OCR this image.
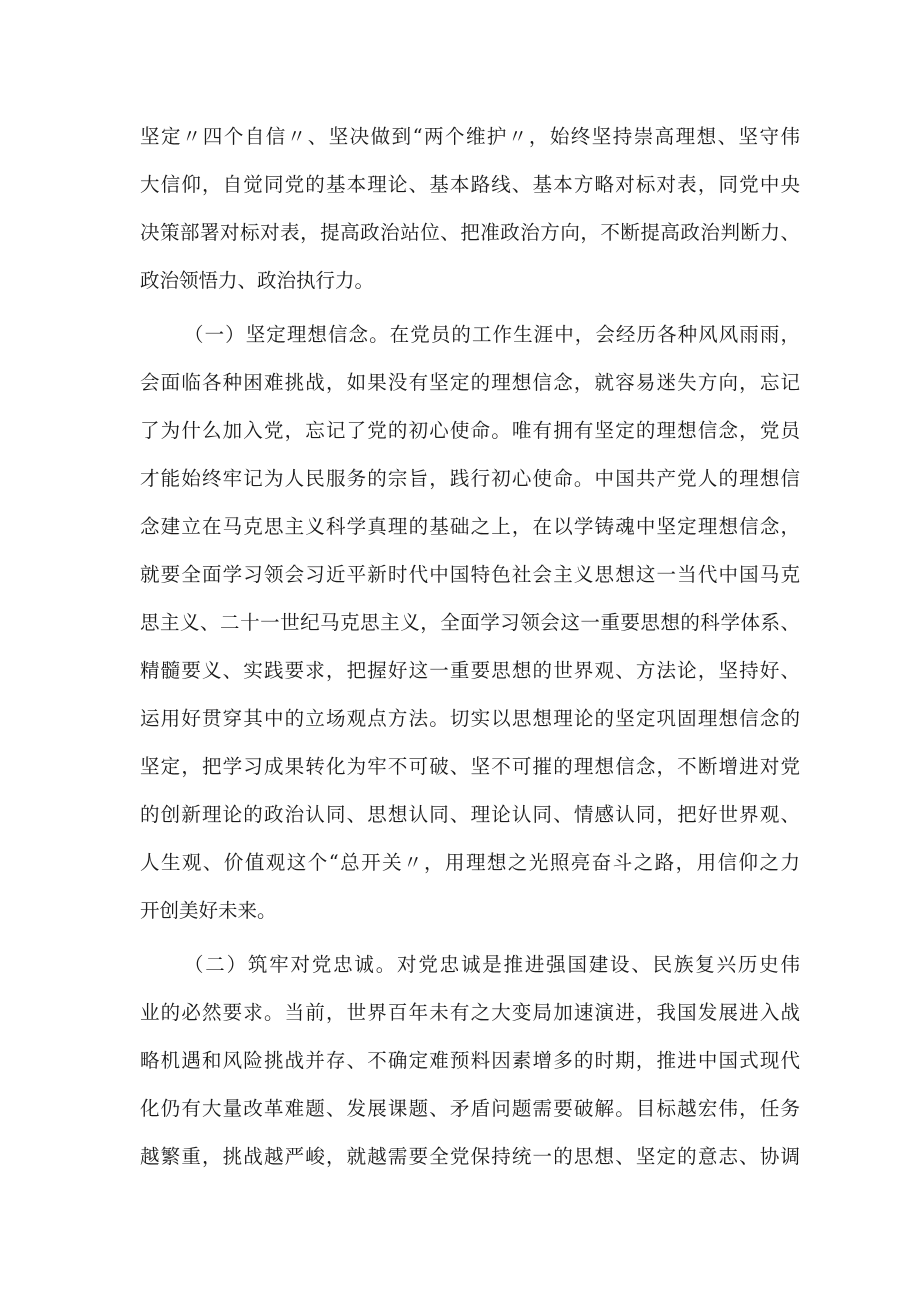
坚定〃四个自信〃、坚决做到“两个维护〃，始终坚持崇高理想、坚守伟
大信仰，自觉同党的基本理论、基本路线、基本方略对标对表，同党中央
决策部署对标对表，提高政治站位、把准政治方向，不断提高政治判断力、
政治领悟力、政治执行力。
（一）坚定理想信念。在党员的工作生涯中，会经历各种风风雨雨，
会面临各种困难挑战，如果没有坚定的理想信念，就容易迷失方向，忘记
了为什么加入党，忘记了党的初心使命。唯有拥有坚定的理想信念，党员
才能始终牢记为人民服务的宗旨，践行初心使命。中国共产党人的理想信
念建立在马克思主义科学真理的基础之上，在以学铸魂中坚定理想信念，
就要全面学习领会习近平新时代中国特色社会主义思想这一当代中国马克
思主义、二十一世纪马克思主义，全面学习领会这一重要思想的科学体系、
精髓要义、实践要求，把握好这一重要思想的世界观、方法论，坚持好、
运用好贯穿其中的立场观点方法。切实以思想理论的坚定巩固理想信念的
坚定，把学习成果转化为牢不可破、坚不可摧的理想信念，不断增进对党
的创新理论的政治认同、思想认同、理论认同、情感认同，把好世界观、
人生观、价值观这个“总开关〃，用理想之光照亮奋斗之路，用信仰之力
开创美好未来。
（二）筑牢对党忠诚。对党忠诚是推进强国建设、民族复兴历史伟
业的必然要求。当前，世界百年未有之大变局加速演进，我国发展进入战
略机遇和风险挑战并存、不确定难预料因素增多的时期，推进中国式现代
化仍有大量改革难题、发展课题、矛盾问题需要破解。目标越宏伟，任务
越繁重，挑战越严峻，就越需要全党保持统一的思想、坚定的意志、协调
